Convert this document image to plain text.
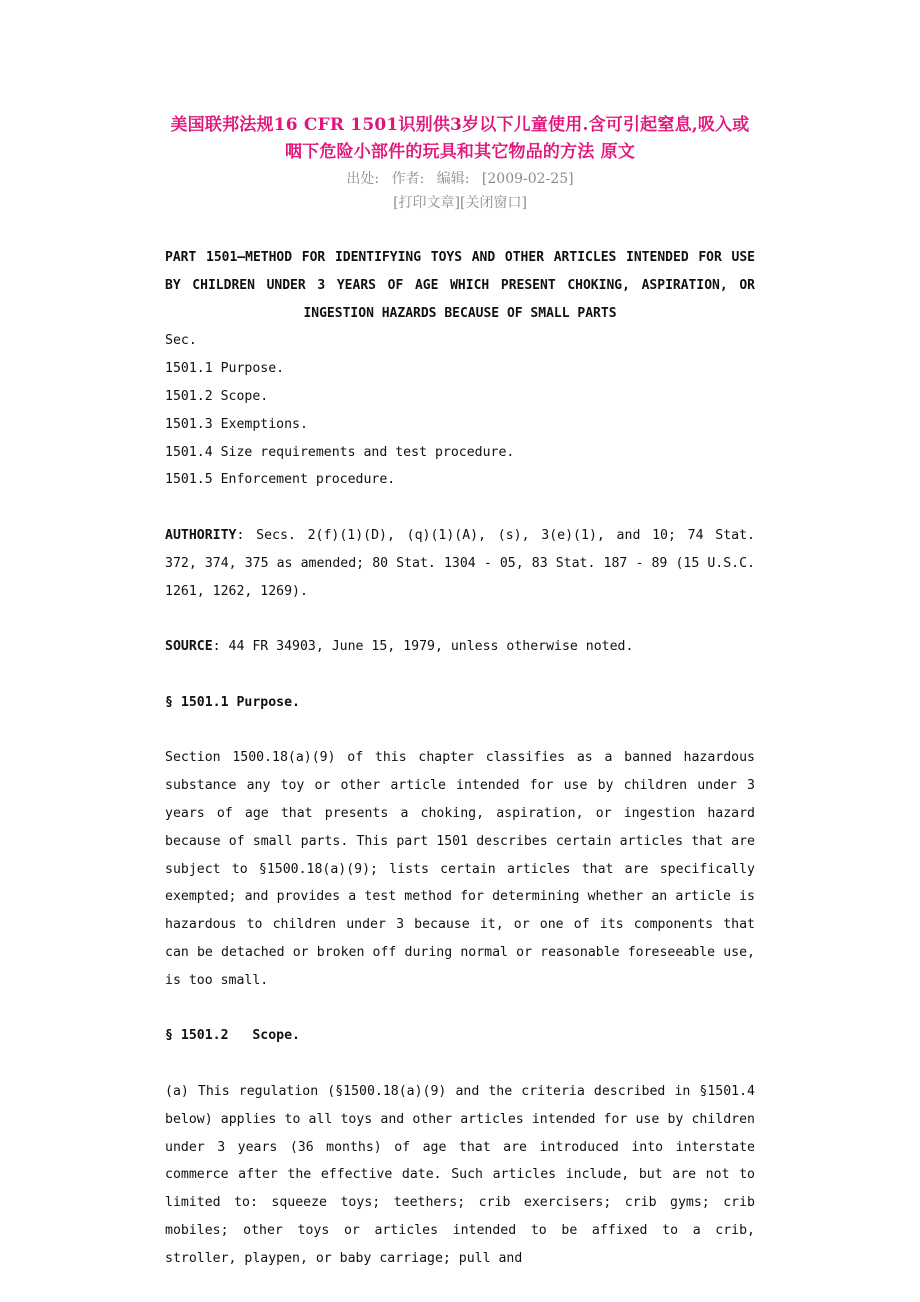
美国联邦法规16 CFR 1501识别供3岁以下儿童使用.含可引起窒息,吸入或咽下危险小部件的玩具和其它物品的方法 原文
出处: 作者: 编辑: [2009-02-25]
[打印文章][关闭窗口]

PART 1501—METHOD FOR IDENTIFYING TOYS AND OTHER ARTICLES INTENDED FOR USE BY CHILDREN UNDER 3 YEARS OF AGE WHICH PRESENT CHOKING, ASPIRATION, OR INGESTION HAZARDS BECAUSE OF SMALL PARTS

Sec.
1501.1 Purpose.
1501.2 Scope.
1501.3 Exemptions.
1501.4 Size requirements and test procedure.
1501.5 Enforcement procedure.

AUTHORITY: Secs. 2(f)(1)(D), (q)(1)(A), (s), 3(e)(1), and 10; 74 Stat. 372, 374, 375 as amended; 80 Stat. 1304 - 05, 83 Stat. 187 - 89 (15 U.S.C. 1261, 1262, 1269).

SOURCE: 44 FR 34903, June 15, 1979, unless otherwise noted.

§ 1501.1 Purpose.

Section 1500.18(a)(9) of this chapter classifies as a banned hazardous substance any toy or other article intended for use by children under 3 years of age that presents a choking, aspiration, or ingestion hazard because of small parts. This part 1501 describes certain articles that are subject to §1500.18(a)(9); lists certain articles that are specifically exempted; and provides a test method for determining whether an article is hazardous to children under 3 because it, or one of its components that can be detached or broken off during normal or reasonable foreseeable use, is too small.

§ 1501.2   Scope.

(a) This regulation (§1500.18(a)(9) and the criteria described in §1501.4 below) applies to all toys and other articles intended for use by children under 3 years (36 months) of age that are introduced into interstate commerce after the effective date. Such articles include, but are not to limited to: squeeze toys; teethers; crib exercisers; crib gyms; crib mobiles; other toys or articles intended to be affixed to a crib, stroller, playpen, or baby carriage; pull and
